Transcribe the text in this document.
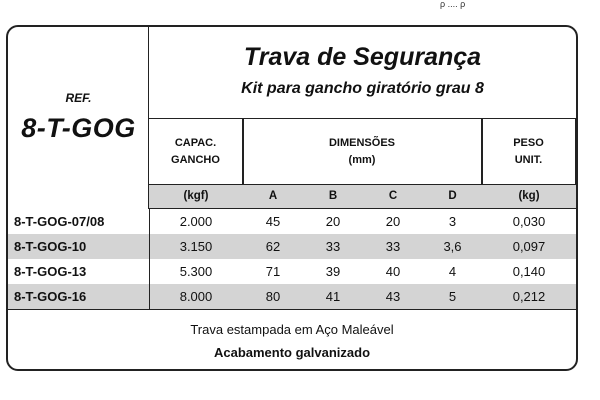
ρ .... ρ
REF.
8-T-GOG
Trava de Segurança
Kit para gancho giratório grau 8
CAPAC.
GANCHO
DIMENSÕES
(mm)
PESO
UNIT.
(kgf)	A	B	C	D	(kg)
8-T-GOG-07/08	2.000	45	20	20	3	0,030
8-T-GOG-10	3.150	62	33	33	3,6	0,097
8-T-GOG-13	5.300	71	39	40	4	0,140
8-T-GOG-16	8.000	80	41	43	5	0,212
Trava estampada em Aço Maleável
Acabamento galvanizado
